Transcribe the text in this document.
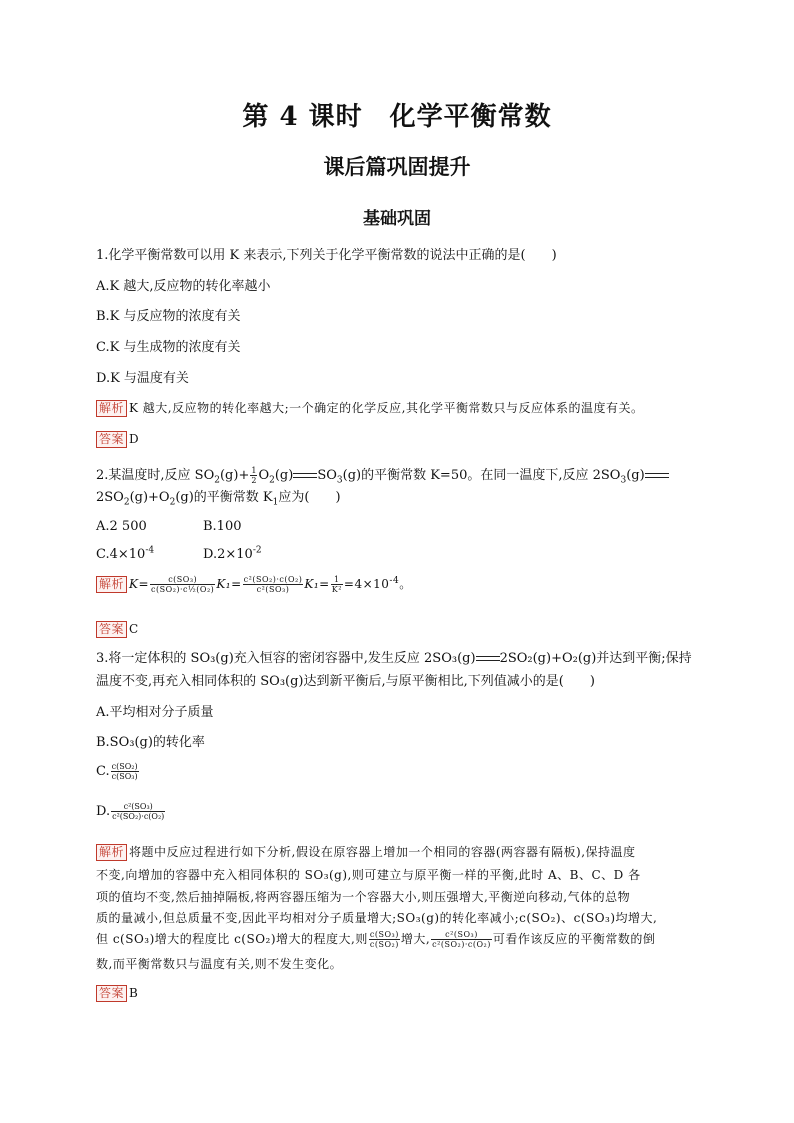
第 4 课时　化学平衡常数
课后篇巩固提升
基础巩固
1.化学平衡常数可以用 K 来表示,下列关于化学平衡常数的说法中正确的是(　　)
A.K 越大,反应物的转化率越小
B.K 与反应物的浓度有关
C.K 与生成物的浓度有关
D.K 与温度有关
解析 K 越大,反应物的转化率越大;一个确定的化学反应,其化学平衡常数只与反应体系的温度有关。
答案 D
2.某温度时,反应 $SO_2(g)+ \frac{1}{2} O_2(g)$ $SO_3(g)$的平衡常数 K=50。在同一温度下,反应 $2SO_3(g)$
$2SO_2(g)+O_2(g)$的平衡常数 $K_1$应为(　　)
A.2 500	B.100
$C.4\times 10^{-4}$	$D.2\times 10^{-2}$
解析 $K= \frac{\text{c(SO₃)}}{\text{c(SO₂)·c½(O₂)}} K_1= \frac{\text{c²(SO₂)·c(O₂)}}{\text{c²(SO₃)}} K_1= \frac{1}{\text{K²}} =4\times 10^{-4}$。
答案 C
3.将一定体积的 SO₃(g)充入恒容的密闭容器中,发生反应 2SO₃(g) 2SO₂(g)+O₂(g)并达到平衡;保持
温度不变,再充入相同体积的 SO₃(g)达到新平衡后,与原平衡相比,下列值减小的是(　　)
A.平均相对分子质量
B.SO₃(g)的转化率
C. $\frac{\text{c(SO₂)}}{\text{c(SO₃)}}$
D. $\frac{\text{c²(SO₃)}}{\text{c²(SO₂)·c(O₂)}}$
解析 将题中反应过程进行如下分析,假设在原容器上增加一个相同的容器(两容器有隔板),保持温度
不变,向增加的容器中充入相同体积的 SO₃(g),则可建立与原平衡一样的平衡,此时 A、B、C、D 各
项的值均不变,然后抽掉隔板,将两容器压缩为一个容器大小,则压强增大,平衡逆向移动,气体的总物
质的量减小,但总质量不变,因此平均相对分子质量增大;SO₃(g)的转化率减小;c(SO₂)、c(SO₃)均增大,
但 c(SO₃)增大的程度比 c(SO₂)增大的程度大,则 $\frac{\text{c(SO₃)}}{\text{c(SO₂)}}$ 增大, $\frac{\text{c²(SO₃)}}{\text{c²(SO₂)·c(O₂)}}$ 可看作该反应的平衡常数的倒
数,而平衡常数只与温度有关,则不发生变化。
答案 B
